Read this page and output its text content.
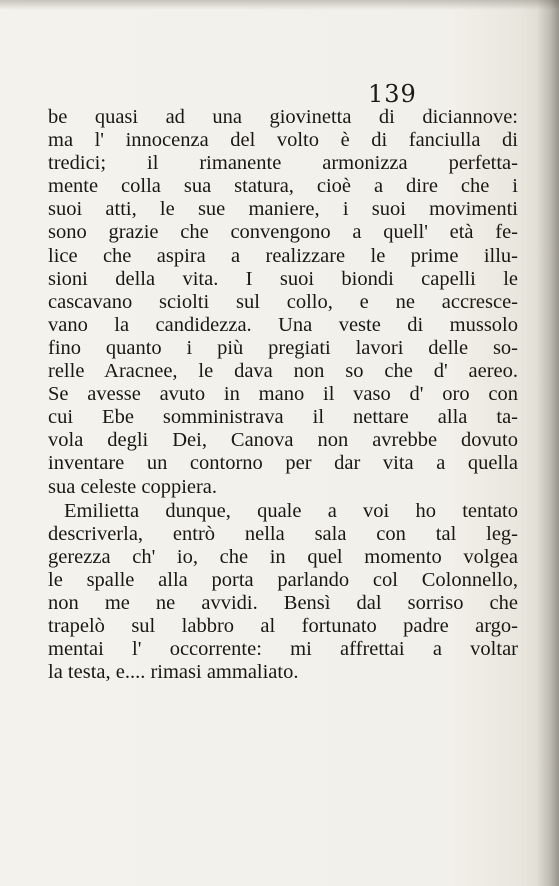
139
be quasi ad una giovinetta di diciannove:
ma l' innocenza del volto è di fanciulla di
tredici; il rimanente armonizza perfetta-
mente colla sua statura, cioè a dire che i
suoi atti, le sue maniere, i suoi movimenti
sono grazie che convengono a quell' età fe-
lice che aspira a realizzare le prime illu-
sioni della vita. I suoi biondi capelli le
cascavano sciolti sul collo, e ne accresce-
vano la candidezza. Una veste di mussolo
fino quanto i più pregiati lavori delle so-
relle Aracnee, le dava non so che d' aereo.
Se avesse avuto in mano il vaso d' oro con
cui Ebe somministrava il nettare alla ta-
vola degli Dei, Canova non avrebbe dovuto
inventare un contorno per dar vita a quella
sua celeste coppiera.
Emilietta dunque, quale a voi ho tentato
descriverla, entrò nella sala con tal leg-
gerezza ch' io, che in quel momento volgea
le spalle alla porta parlando col Colonnello,
non me ne avvidi. Bensì dal sorriso che
trapelò sul labbro al fortunato padre argo-
mentai l' occorrente: mi affrettai a voltar
la testa, e.... rimasi ammaliato.
